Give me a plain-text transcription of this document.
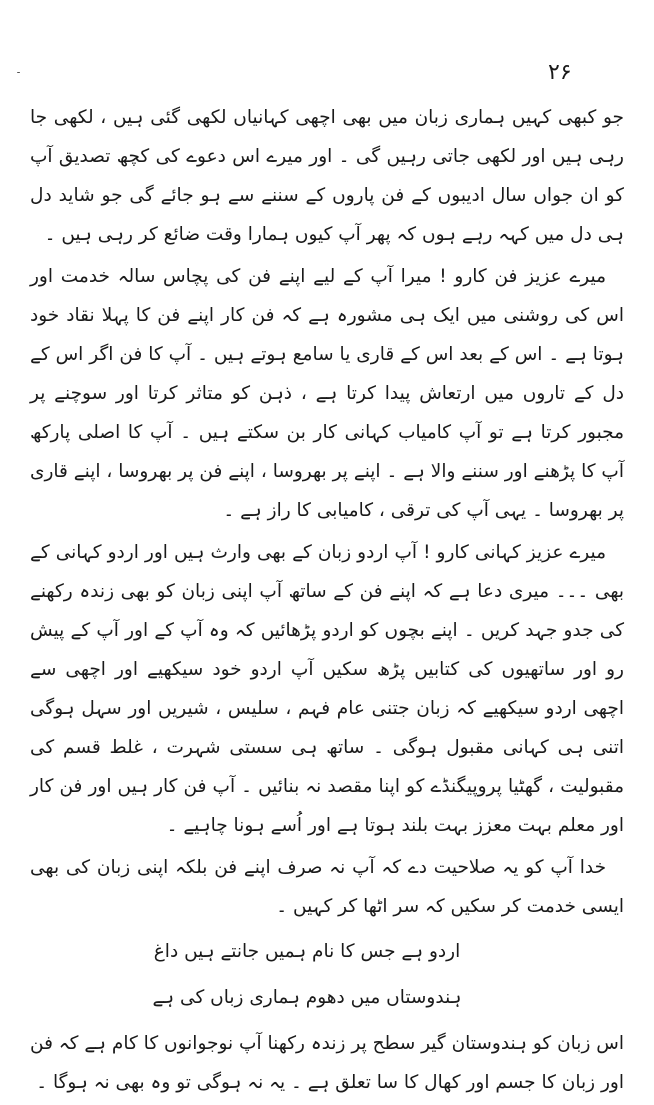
۔	۲۶

جو کبھی کہیں ہماری زبان میں بھی اچھی کہانیاں لکھی گئی ہیں ، لکھی جا رہی ہیں اور لکھی جاتی رہیں گی ۔ اور میرے اس دعوے کی کچھ تصدیق آپ کو ان جواں سال ادیبوں کے فن پاروں کے سننے سے ہو جائے گی جو شاید دل ہی دل میں کہہ رہے ہوں کہ پھر آپ کیوں ہمارا وقت ضائع کر رہی ہیں ۔

میرے عزیز فن کارو ! میرا آپ کے لیے اپنے فن کی پچاس سالہ خدمت اور اس کی روشنی میں ایک ہی مشورہ ہے کہ فن کار اپنے فن کا پہلا نقاد خود ہوتا ہے ۔ اس کے بعد اس کے قاری یا سامع ہوتے ہیں ۔ آپ کا فن اگر اس کے دل کے تاروں میں ارتعاش پیدا کرتا ہے ، ذہن کو متاثر کرتا اور سوچنے پر مجبور کرتا ہے تو آپ کامیاب کہانی کار بن سکتے ہیں ۔ آپ کا اصلی پارکھ آپ کا پڑھنے اور سننے والا ہے ۔ اپنے پر بھروسا ، اپنے فن پر بھروسا ، اپنے قاری پر بھروسا ۔ یہی آپ کی ترقی ، کامیابی کا راز ہے ۔

میرے عزیز کہانی کارو ! آپ اردو زبان کے بھی وارث ہیں اور اردو کہانی کے بھی ۔۔۔ میری دعا ہے کہ اپنے فن کے ساتھ آپ اپنی زبان کو بھی زندہ رکھنے کی جدو جہد کریں ۔ اپنے بچوں کو اردو پڑھائیں کہ وہ آپ کے اور آپ کے پیش رو اور ساتھیوں کی کتابیں پڑھ سکیں آپ اردو خود سیکھیے اور اچھی سے اچھی اردو سیکھیے کہ زبان جتنی عام فہم ، سلیس ، شیریں اور سہل ہوگی اتنی ہی کہانی مقبول ہوگی ۔ ساتھ ہی سستی شہرت ، غلط قسم کی مقبولیت ، گھٹیا پروپیگنڈے کو اپنا مقصد نہ بنائیں ۔ آپ فن کار ہیں اور فن کار اور معلم بہت معزز بہت بلند ہوتا ہے اور اُسے ہونا چاہیے ۔

خدا آپ کو یہ صلاحیت دے کہ آپ نہ صرف اپنے فن بلکہ اپنی زبان کی بھی ایسی خدمت کر سکیں کہ سر اٹھا کر کہیں ۔

اردو ہے جس کا نام ہمیں جانتے ہیں داغ
ہندوستاں میں دھوم ہماری زباں کی ہے

اس زبان کو ہندوستان گیر سطح پر زندہ رکھنا آپ نوجوانوں کا کام ہے کہ فن اور زبان کا جسم اور کھال کا سا تعلق ہے ۔ یہ نہ ہوگی تو وہ بھی نہ ہوگا ۔
